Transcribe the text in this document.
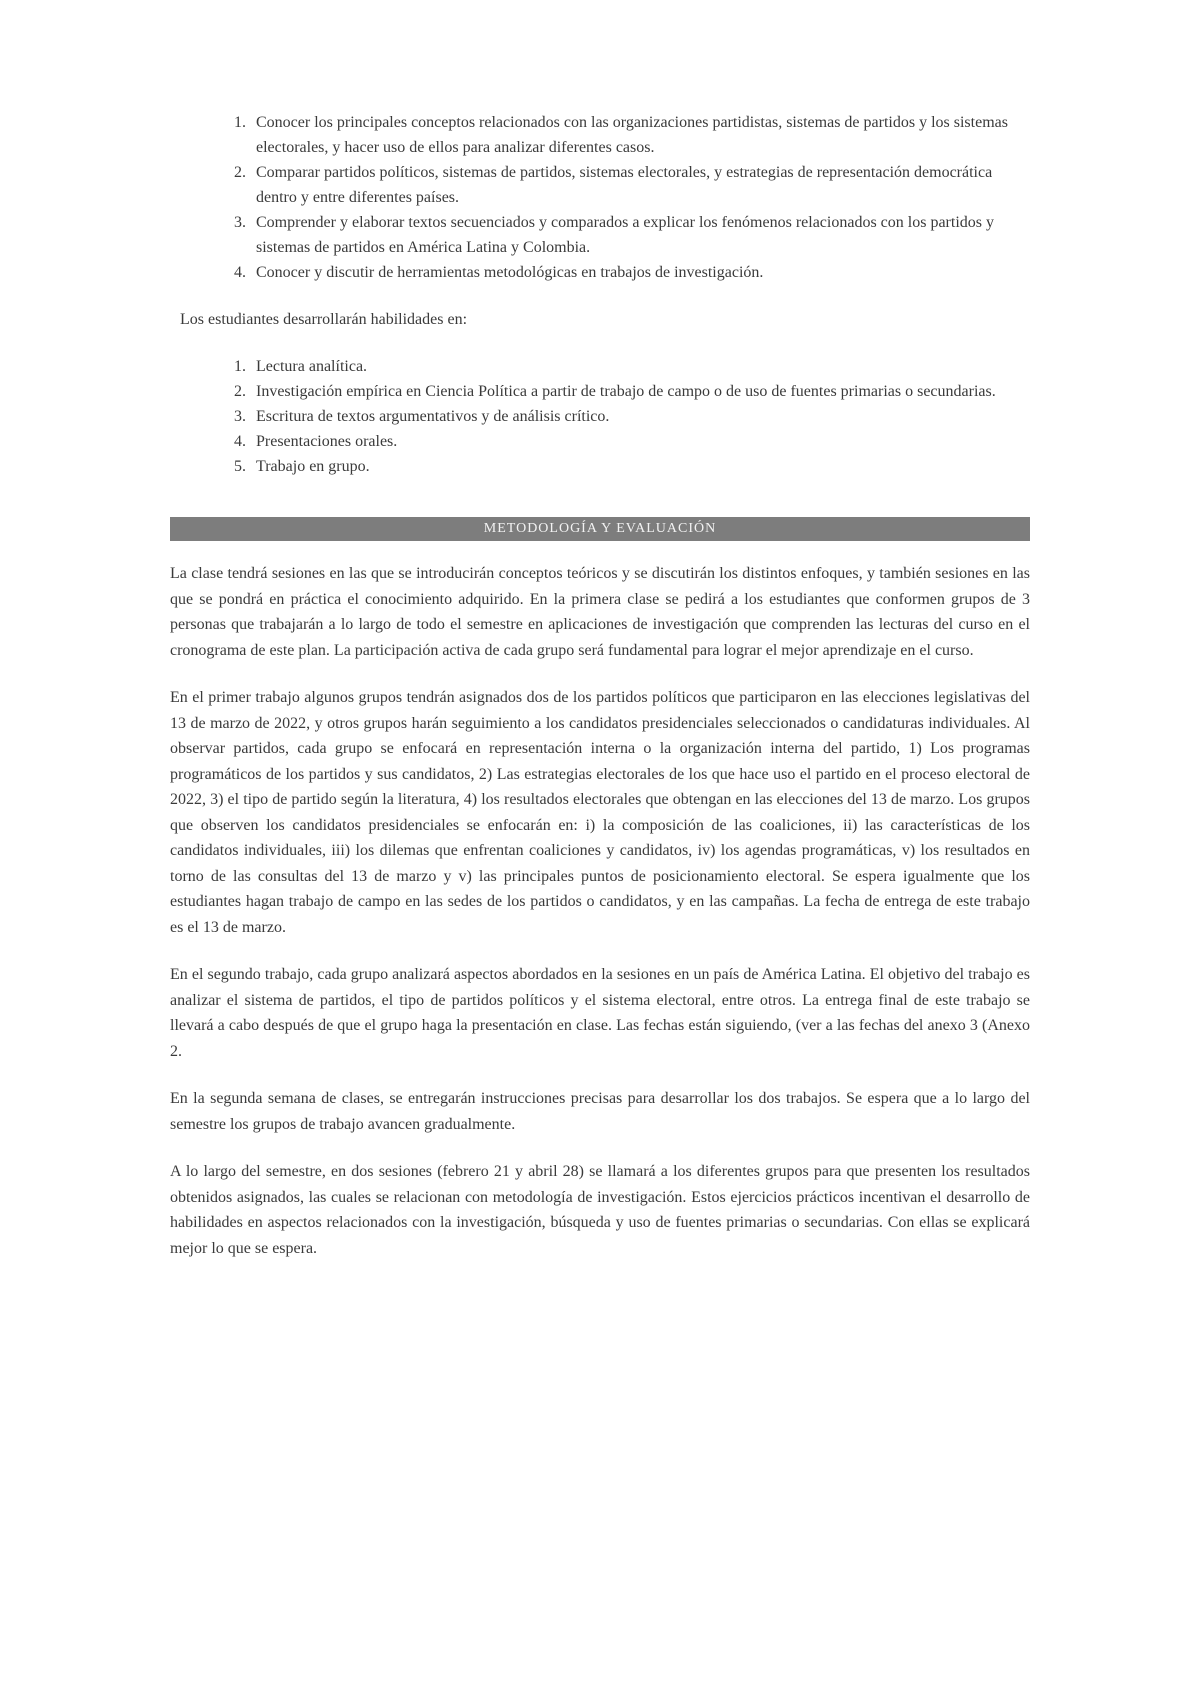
1. Conocer los principales conceptos relacionados con las organizaciones partidistas, sistemas de partidos y los sistemas electorales, y hacer uso de ellos para analizar diferentes casos.
2. Comparar partidos políticos, sistemas de partidos, sistemas electorales, y estrategias de representación democrática dentro y entre diferentes países.
3. Comprender y elaborar textos secuenciados y comparados a explicar los fenómenos relacionados con los partidos y sistemas de partidos en América Latina y Colombia.
4. Conocer y discutir de herramientas metodológicas en trabajos de investigación.

Los estudiantes desarrollarán habilidades en:

1. Lectura analítica.
2. Investigación empírica en Ciencia Política a partir de trabajo de campo o de uso de fuentes primarias o secundarias.
3. Escritura de textos argumentativos y de análisis crítico.
4. Presentaciones orales.
5. Trabajo en grupo.
METODOLOGÍA Y EVALUACIÓN

La clase tendrá sesiones en las que se introducirán conceptos teóricos y se discutirán los distintos enfoques, y también sesiones en las que se pondrá en práctica el conocimiento adquirido. En la primera clase se pedirá a los estudiantes que conformen grupos de 3 personas que trabajarán a lo largo de todo el semestre en aplicaciones de investigación que comprenden las lecturas del curso en el cronograma de este plan. La participación activa de cada grupo será fundamental para lograr el mejor aprendizaje en el curso.

En el primer trabajo algunos grupos tendrán asignados dos de los partidos políticos que participaron en las elecciones legislativas del 13 de marzo de 2022, y otros grupos harán seguimiento a los candidatos presidenciales seleccionados o candidaturas individuales. Al observar partidos, cada grupo se enfocará en representación interna o la organización interna del partido, 1) Los programas programáticos de los partidos y sus candidatos, 2) Las estrategias electorales de los que hace uso el partido en el proceso electoral de 2022, 3) el tipo de partido según la literatura, 4) los resultados electorales que obtengan en las elecciones del 13 de marzo. Los grupos que observen los candidatos presidenciales se enfocarán en: i) la composición de las coaliciones, ii) las características de los candidatos individuales, iii) los dilemas que enfrentan coaliciones y candidatos, iv) los agendas programáticas, v) los resultados en torno de las consultas del 13 de marzo y v) las principales puntos de posicionamiento electoral. Se espera igualmente que los estudiantes hagan trabajo de campo en las sedes de los partidos o candidatos, y en las campañas. La fecha de entrega de este trabajo es el 13 de marzo.

En el segundo trabajo, cada grupo analizará aspectos abordados en la sesiones en un país de América Latina. El objetivo del trabajo es analizar el sistema de partidos, el tipo de partidos políticos y el sistema electoral, entre otros. La entrega final de este trabajo se llevará a cabo después de que el grupo haga la presentación en clase. Las fechas están siguiendo, (ver a las fechas del anexo 3 (Anexo 2.

En la segunda semana de clases, se entregarán instrucciones precisas para desarrollar los dos trabajos. Se espera que a lo largo del semestre los grupos de trabajo avancen gradualmente.

A lo largo del semestre, en dos sesiones (febrero 21 y abril 28) se llamará a los diferentes grupos para que presenten los resultados obtenidos asignados, las cuales se relacionan con metodología de investigación. Estos ejercicios prácticos incentivan el desarrollo de habilidades en aspectos relacionados con la investigación, búsqueda y uso de fuentes primarias o secundarias. Con ellas se explicará mejor lo que se espera.
